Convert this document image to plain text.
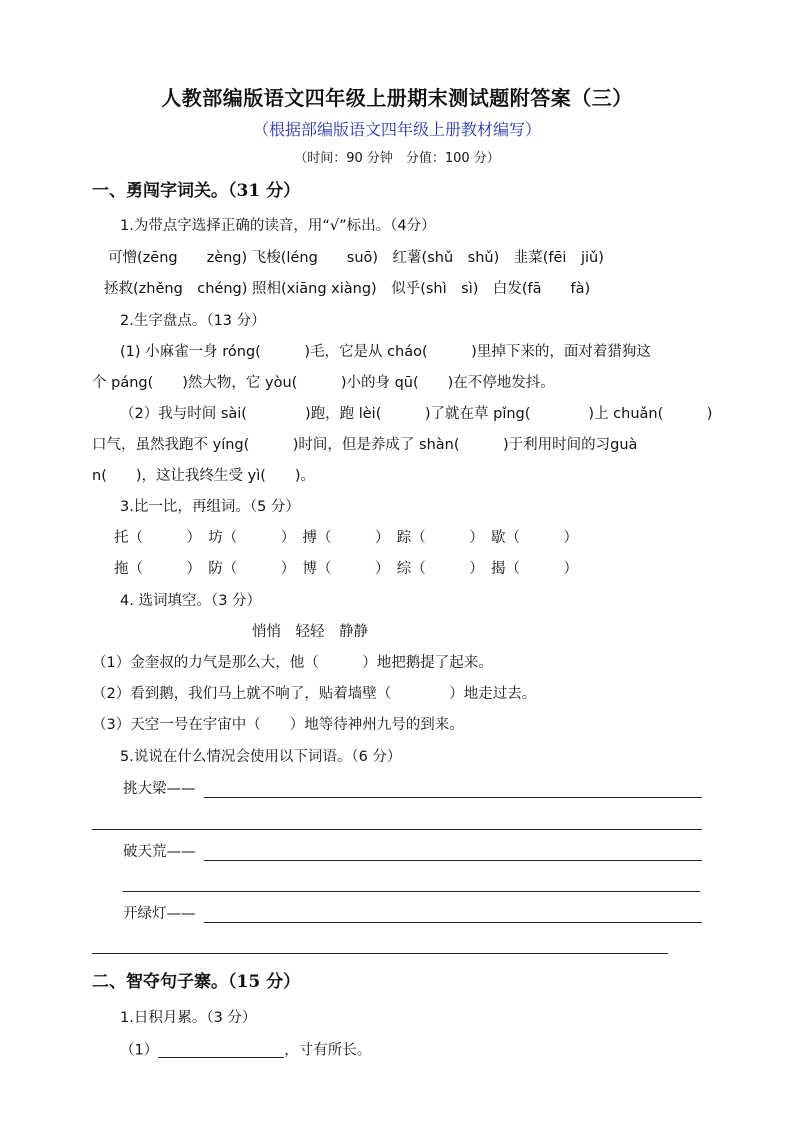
人教部编版语文四年级上册期末测试题附答案（三）
（根据部编版语文四年级上册教材编写）
（时间：90 分钟　分值：100 分）
一、勇闯字词关。（31 分）
1.为带点字选择正确的读音，用“√”标出。（4分）
可憎(zēng　　zèng) 飞梭(léng　　suō)　红薯(shǔ　shǔ)　韭菜(fēi　jiǔ)
拯救(zhěng　chéng) 照相(xiāng xiàng)　似乎(shì　sì)　白发(fā　　fà)
2.生字盘点。（13 分）
(1) 小麻雀一身 róng(　　　)毛，它是从 cháo(　　　)里掉下来的，面对着猎狗这
个 páng(　　)然大物，它 yòu(　　　)小的身 qū(　　)在不停地发抖。
（2）我与时间 sài(　　　　)跑，跑 lèi(　　　)了就在草 pǐng(　　　　)上 chuǎn(　　　)
口气，虽然我跑不 yíng(　　　)时间，但是养成了 shàn(　　　)于利用时间的习guà
n(　　)，这让我终生受 yì(　　)。
3.比一比，再组词。（5 分）
托（　　　）　坊（　　　）　搏（　　　）　踪（　　　）　歇（　　　）
拖（　　　）　防（　　　）　博（　　　）　综（　　　）　揭（　　　）
4. 选词填空。（3 分）
悄悄　轻轻　静静
（1）金奎叔的力气是那么大，他（　　　）地把鹅提了起来。
（2）看到鹅，我们马上就不响了，贴着墙壁（　　　　）地走过去。
（3）天空一号在宇宙中（　　）地等待神州九号的到来。
5.说说在什么情况会使用以下词语。（6 分）
挑大梁——
破天荒——
开绿灯——
二、智夺句子寨。（15 分）
1.日积月累。（3 分）
（1）	，寸有所长。
